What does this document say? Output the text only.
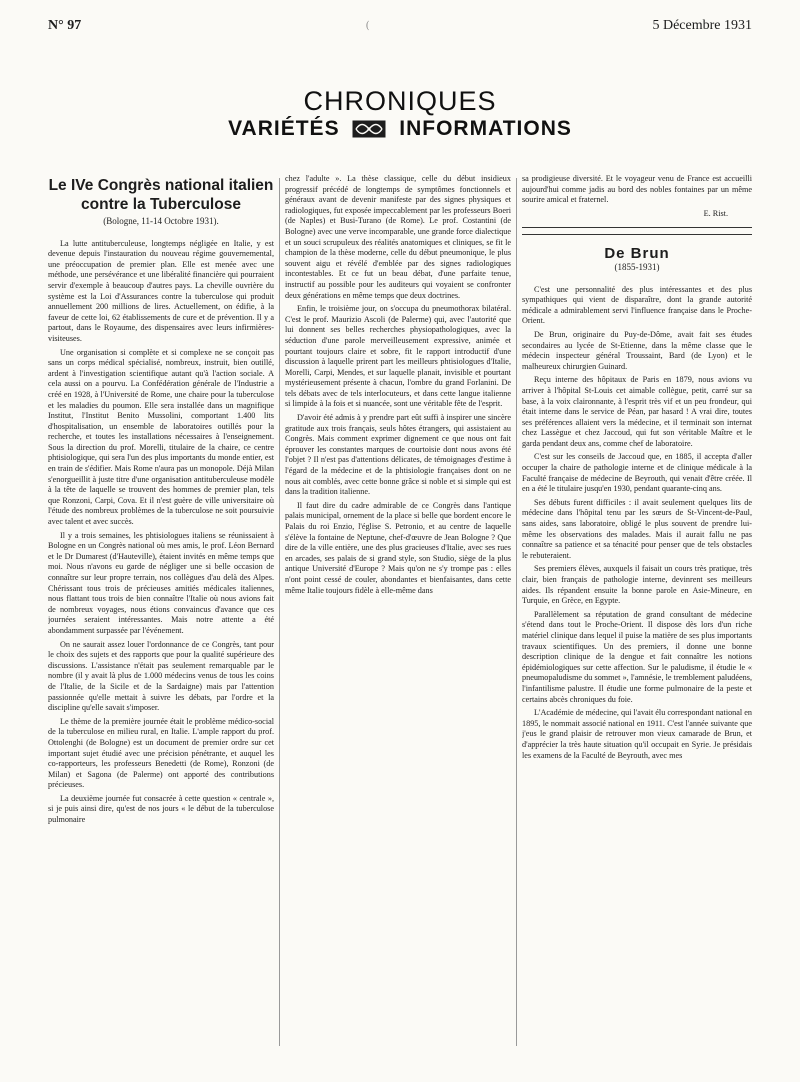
N° 97	(	5 Décembre 1931
CHRONIQUES
VARIÉTÉS	INFORMATIONS
Le IVe Congrès national italien contre la Tuberculose
(Bologne, 11-14 Octobre 1931).

La lutte antituberculeuse, longtemps négligée en Italie, y est devenue depuis l'instauration du nouveau régime gouvernemental, une préoccupation de premier plan. Elle est menée avec une méthode, une persévérance et une libéralité financière qui pourraient servir d'exemple à beaucoup d'autres pays. La cheville ouvrière du système est la Loi d'Assurances contre la tuberculose qui produit annuellement 200 millions de lires. Actuellement, on édifie, à la faveur de cette loi, 62 établissements de cure et de prévention. Il y a partout, dans le Royaume, des dispensaires avec leurs infirmières-visiteuses.

Une organisation si complète et si complexe ne se conçoit pas sans un corps médical spécialisé, nombreux, instruit, bien outillé, ardent à l'investigation scientifique autant qu'à l'action sociale. A cela aussi on a pourvu. La Confédération générale de l'Industrie a créé en 1928, à l'Université de Rome, une chaire pour la tuberculose et les maladies du poumon. Elle sera installée dans un magnifique Institut, l'Institut Benito Mussolini, comportant 1.400 lits d'hospitalisation, un ensemble de laboratoires outillés pour la recherche, et toutes les installations nécessaires à l'enseignement. Sous la direction du prof. Morelli, titulaire de la chaire, ce centre phtisiologique, qui sera l'un des plus importants du monde entier, est en train de s'édifier. Mais Rome n'aura pas un monopole. Déjà Milan s'enorgueillit à juste titre d'une organisation antituberculeuse modèle à la tête de laquelle se trouvent des hommes de premier plan, tels que Ronzoni, Carpi, Cova. Et il n'est guère de ville universitaire où l'étude des nombreux problèmes de la tuberculose ne soit poursuivie avec talent et avec succès.

Il y a trois semaines, les phtisiologues italiens se réunissaient à Bologne en un Congrès national où mes amis, le prof. Léon Bernard et le Dr Dumarest (d'Hauteville), étaient invités en même temps que moi. Nous n'avons eu garde de négliger une si belle occasion de connaître sur leur propre terrain, nos collègues d'au delà des Alpes. Chérissant tous trois de précieuses amitiés médicales italiennes, nous flattant tous trois de bien connaître l'Italie où nous avions fait de nombreux voyages, nous étions convaincus d'avance que ces journées seraient intéressantes. Mais notre attente a été abondamment surpassée par l'événement.

On ne saurait assez louer l'ordonnance de ce Congrès, tant pour le choix des sujets et des rapports que pour la qualité supérieure des discussions. L'assistance n'était pas seulement remarquable par le nombre (il y avait là plus de 1.000 médecins venus de tous les coins de l'Italie, de la Sicile et de la Sardaigne) mais par l'attention passionnée qu'elle mettait à suivre les débats, par l'ordre et la discipline qu'elle savait s'imposer.

Le thème de la première journée était le problème médico-social de la tuberculose en milieu rural, en Italie. L'ample rapport du prof. Ottolenghi (de Bologne) est un document de premier ordre sur cet important sujet étudié avec une précision pénétrante, et auquel les co-rapporteurs, les professeurs Benedetti (de Rome), Ronzoni (de Milan) et Sagona (de Palerme) ont apporté des contributions précieuses.

La deuxième journée fut consacrée à cette question « centrale », si je puis ainsi dire, qu'est de nos jours « le début de la tuberculose pulmonaire

chez l'adulte ». La thèse classique, celle du début insidieux progressif précédé de longtemps de symptômes fonctionnels et généraux avant de devenir manifeste par des signes physiques et radiologiques, fut exposée impeccablement par les professeurs Boeri (de Naples) et Busi-Turano (de Rome). Le prof. Costantini (de Bologne) avec une verve incomparable, une grande force dialectique et un souci scrupuleux des réalités anatomiques et cliniques, se fit le champion de la thèse moderne, celle du début pneumonique, le plus souvent aigu et révélé d'emblée par des signes radiologiques incontestables. Et ce fut un beau débat, d'une parfaite tenue, instructif au possible pour les auditeurs qui voyaient se confronter deux générations en même temps que deux doctrines.

Enfin, le troisième jour, on s'occupa du pneumothorax bilatéral. C'est le prof. Maurizio Ascoli (de Palerme) qui, avec l'autorité que lui donnent ses belles recherches physiopathologiques, avec la séduction d'une parole merveilleusement expressive, animée et pourtant toujours claire et sobre, fit le rapport introductif d'une discussion à laquelle prirent part les meilleurs phtisiologues d'Italie, Morelli, Carpi, Mendes, et sur laquelle planait, invisible et pourtant mystérieusement présente à chacun, l'ombre du grand Forlanini. De tels débats avec de tels interlocuteurs, et dans cette langue italienne si limpide à la fois et si nuancée, sont une véritable fête de l'esprit.

D'avoir été admis à y prendre part eût suffi à inspirer une sincère gratitude aux trois français, seuls hôtes étrangers, qui assistaient au Congrès. Mais comment exprimer dignement ce que nous ont fait éprouver les constantes marques de courtoisie dont nous avons été l'objet ? Il n'est pas d'attentions délicates, de témoignages d'estime à l'égard de la médecine et de la phtisiologie françaises dont on ne nous ait comblés, avec cette bonne grâce si noble et si simple qui est dans la tradition italienne.

Il faut dire du cadre admirable de ce Congrès dans l'antique palais municipal, ornement de la place si belle que bordent encore le Palais du roi Enzio, l'église S. Petronio, et au centre de laquelle s'élève la fontaine de Neptune, chef-d'œuvre de Jean Bologne ? Que dire de la ville entière, une des plus gracieuses d'Italie, avec ses rues en arcades, ses palais de si grand style, son Studio, siège de la plus antique Université d'Europe ? Mais qu'on ne s'y trompe pas : elles n'ont point cessé de couler, abondantes et bienfaisantes, dans cette même Italie toujours fidèle à elle-même dans

sa prodigieuse diversité. Et le voyageur venu de France est accueilli aujourd'hui comme jadis au bord des nobles fontaines par un même sourire amical et fraternel.

E. Rist.
De Brun
(1855-1931)

C'est une personnalité des plus intéressantes et des plus sympathiques qui vient de disparaître, dont la grande autorité médicale a admirablement servi l'influence française dans le Proche-Orient.

De Brun, originaire du Puy-de-Dôme, avait fait ses études secondaires au lycée de St-Etienne, dans la même classe que le médecin inspecteur général Troussaint, Bard (de Lyon) et le malheureux chirurgien Guinard.

Reçu interne des hôpitaux de Paris en 1879, nous avions vu arriver à l'hôpital St-Louis cet aimable collègue, petit, carré sur sa base, à la voix claironnante, à l'esprit très vif et un peu frondeur, qui était interne dans le service de Péan, par hasard ! A vrai dire, toutes ses préférences allaient vers la médecine, et il terminait son internat chez Lassègue et chez Jaccoud, qui fut son véritable Maître et le garda pendant deux ans, comme chef de laboratoire.

C'est sur les conseils de Jaccoud que, en 1885, il accepta d'aller occuper la chaire de pathologie interne et de clinique médicale à la Faculté française de médecine de Beyrouth, qui venait d'être créée. Il en a été le titulaire jusqu'en 1930, pendant quarante-cinq ans.

Ses débuts furent difficiles : il avait seulement quelques lits de médecine dans l'hôpital tenu par les sœurs de St-Vincent-de-Paul, sans aides, sans laboratoire, obligé le plus souvent de prendre lui-même les observations des malades. Mais il aurait fallu ne pas connaître sa patience et sa ténacité pour penser que de tels obstacles le rebuteraient.

Ses premiers élèves, auxquels il faisait un cours très pratique, très clair, bien français de pathologie interne, devinrent ses meilleurs aides. Ils répandent ensuite la bonne parole en Asie-Mineure, en Turquie, en Grèce, en Egypte.

Parallèlement sa réputation de grand consultant de médecine s'étend dans tout le Proche-Orient. Il dispose dès lors d'un riche matériel clinique dans lequel il puise la matière de ses plus importants travaux scientifiques. Un des premiers, il donne une bonne description clinique de la dengue et fait connaître les notions épidémiologiques sur cette affection. Sur le paludisme, il étudie le « pneumopaludisme du sommet », l'amnésie, le tremblement paludéens, l'infantilisme palustre. Il étudie une forme pulmonaire de la peste et certains abcès chroniques du foie.

L'Académie de médecine, qui l'avait élu correspondant national en 1895, le nommait associé national en 1911. C'est l'année suivante que j'eus le grand plaisir de retrouver mon vieux camarade de Brun, et d'apprécier la très haute situation qu'il occupait en Syrie. Je présidais les examens de la Faculté de Beyrouth, avec mes
